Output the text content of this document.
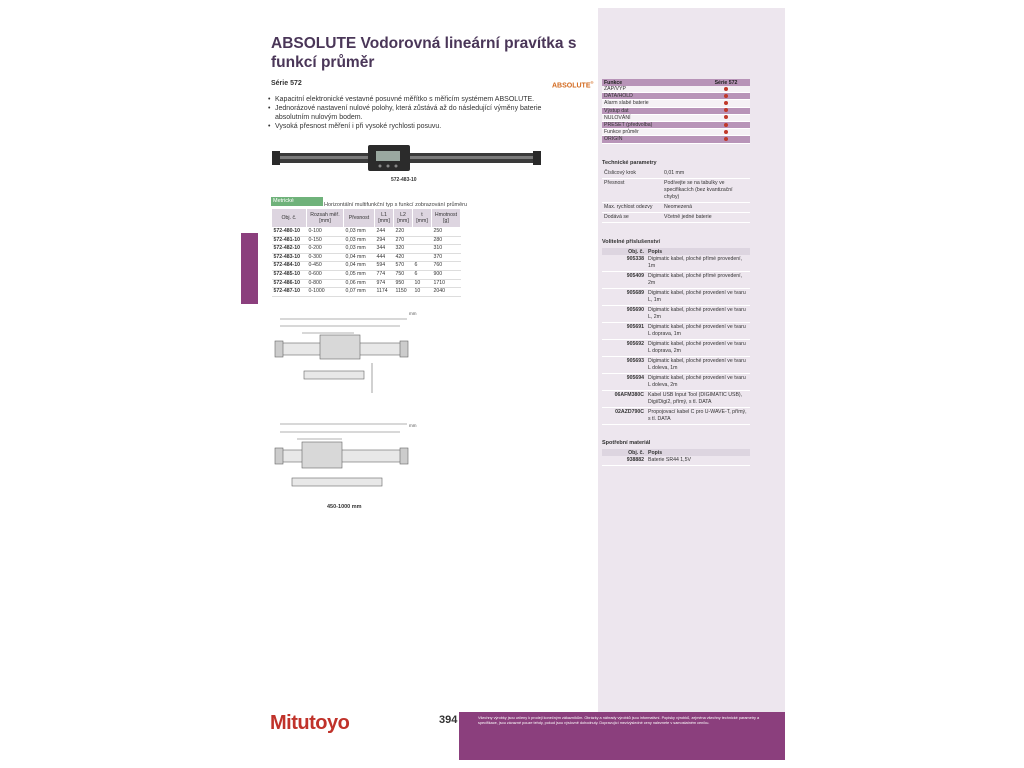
ABSOLUTE Vodorovná lineární pravítka s funkcí průměr
Série 572	ABSOLUTE®
• Kapacitní elektronické vestavné posuvné měřítko s měřicím systémem ABSOLUTE.
• Jednorázové nastavení nulové polohy, která zůstává až do následující výměny baterie absolutním nulovým bodem.
• Vysoká přesnost měření i při vysoké rychlosti posuvu.
572-483-10
Metrické
Horizontální multifunkční typ s funkcí zobrazování průměru
Obj. č.	Rozsah měř. [mm]	Přesnost	L1 [mm]	L2 [mm]	t [mm]	Hmotnost [g]
572-480-10	0-100	0,03 mm	244	220		250
572-481-10	0-150	0,03 mm	294	270		280
572-482-10	0-200	0,03 mm	344	320		310
572-483-10	0-300	0,04 mm	444	420		370
572-484-10	0-450	0,04 mm	594	570	6	760
572-485-10	0-600	0,05 mm	774	750	6	900
572-486-10	0-800	0,06 mm	974	950	10	1710
572-487-10	0-1000	0,07 mm	1174	1150	10	2040
mm
mm
450-1000 mm
Funkce	Série 572
ZAP/VYP	
DATA/HOLD	
Alarm slabé baterie	
Výstup dat	
NULOVÁNÍ	
PRESET (předvolba)	
Funkce průměr	
ORIGIN	
Technické parametry
Číslicový krok	0,01 mm
Přesnost	Podívejte se na tabulky ve specifikacích (bez kvantizační chyby)
Max. rychlost odezvy	Neomezená
Dodává se	Včetně jedné baterie
Volitelné příslušenství
Obj. č.	Popis
905338	Digimatic kabel, ploché přímé provedení, 1m
905409	Digimatic kabel, ploché přímé provedení, 2m
905689	Digimatic kabel, ploché provedení ve tvaru L, 1m
905690	Digimatic kabel, ploché provedení ve tvaru L, 2m
905691	Digimatic kabel, ploché provedení ve tvaru L doprava, 1m
905692	Digimatic kabel, ploché provedení ve tvaru L doprava, 2m
905693	Digimatic kabel, ploché provedení ve tvaru L doleva, 1m
905694	Digimatic kabel, ploché provedení ve tvaru L doleva, 2m
06AFM380C	Kabel USB Input Tool (DIGIMATIC USB), Digi/Digi2, přímý, s tl. DATA
02AZD790C	Propojovací kabel C pro U-WAVE-T, přímý, s tl. DATA
Spotřební materiál
Obj. č.	Popis
938882	Baterie SR44 1,5V
Mitutoyo	394	Všechny výrobky jsou určeny k prodeji konečným zákazníkům. Obrázky a náhrady výrobků jsou informativní. Popisky výrobků, zejména všechny technické parametry a specifikace, jsou závazné pouze tehdy, pokud jsou výslovně dohodnuty. Dopravující mezivýsledné ceny naleznete v samostatném ceníku.
